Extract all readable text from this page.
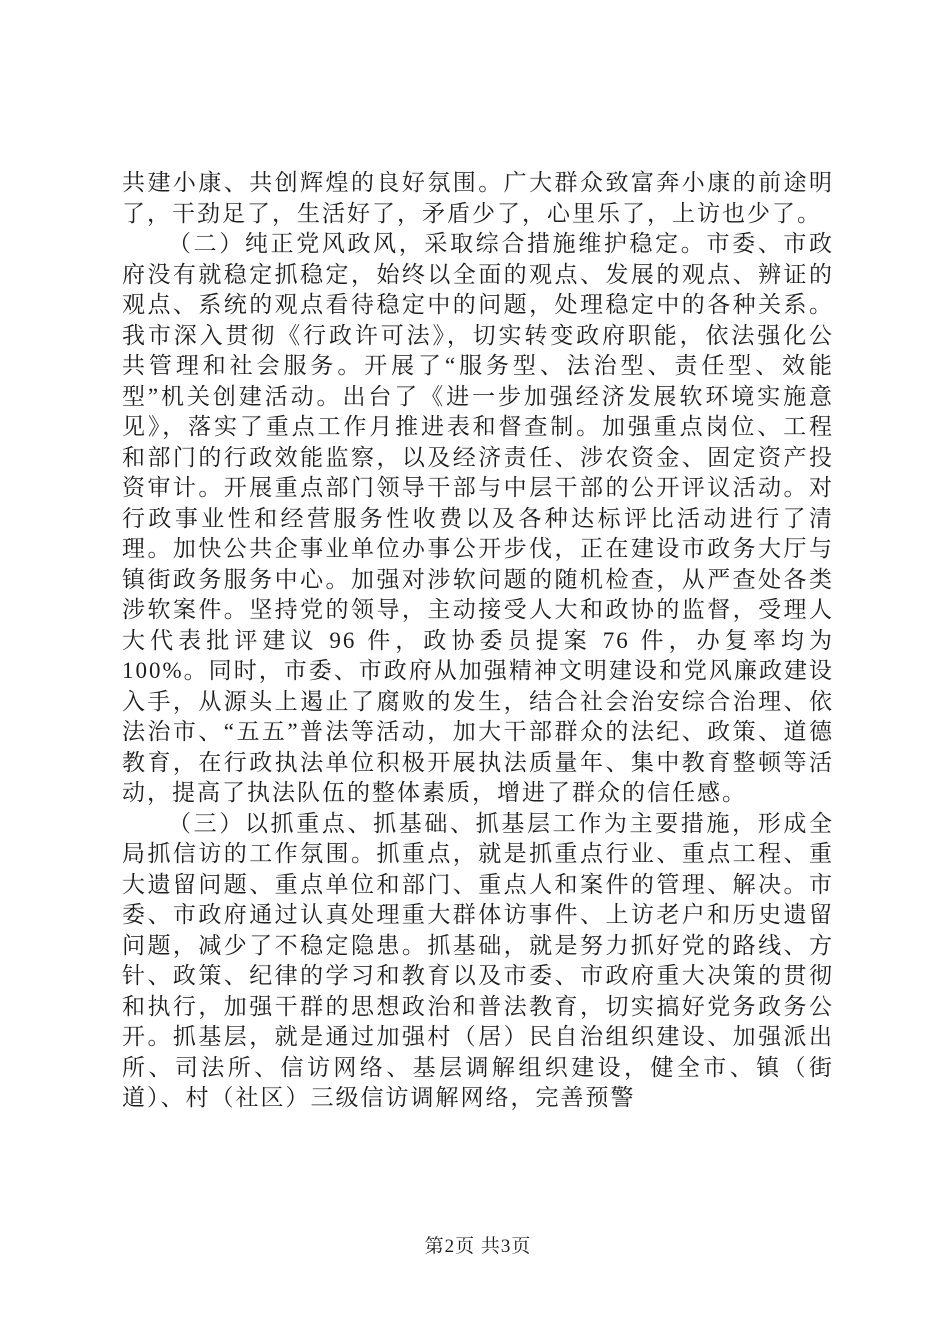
共建小康、共创辉煌的良好氛围。广大群众致富奔小康的前途明了，干劲足了，生活好了，矛盾少了，心里乐了，上访也少了。

（二）纯正党风政风，采取综合措施维护稳定。市委、市政府没有就稳定抓稳定，始终以全面的观点、发展的观点、辨证的观点、系统的观点看待稳定中的问题，处理稳定中的各种关系。我市深入贯彻《行政许可法》，切实转变政府职能，依法强化公共管理和社会服务。开展了“服务型、法治型、责任型、效能型”机关创建活动。出台了《进一步加强经济发展软环境实施意见》，落实了重点工作月推进表和督查制。加强重点岗位、工程和部门的行政效能监察，以及经济责任、涉农资金、固定资产投资审计。开展重点部门领导干部与中层干部的公开评议活动。对行政事业性和经营服务性收费以及各种达标评比活动进行了清理。加快公共企事业单位办事公开步伐，正在建设市政务大厅与镇街政务服务中心。加强对涉软问题的随机检查，从严查处各类涉软案件。坚持党的领导，主动接受人大和政协的监督，受理人大代表批评建议 96 件，政协委员提案 76 件，办复率均为 100%。同时，市委、市政府从加强精神文明建设和党风廉政建设入手，从源头上遏止了腐败的发生，结合社会治安综合治理、依法治市、“五五”普法等活动，加大干部群众的法纪、政策、道德教育，在行政执法单位积极开展执法质量年、集中教育整顿等活动，提高了执法队伍的整体素质，增进了群众的信任感。

（三）以抓重点、抓基础、抓基层工作为主要措施，形成全局抓信访的工作氛围。抓重点，就是抓重点行业、重点工程、重大遗留问题、重点单位和部门、重点人和案件的管理、解决。市委、市政府通过认真处理重大群体访事件、上访老户和历史遗留问题，减少了不稳定隐患。抓基础，就是努力抓好党的路线、方针、政策、纪律的学习和教育以及市委、市政府重大决策的贯彻和执行，加强干群的思想政治和普法教育，切实搞好党务政务公开。抓基层，就是通过加强村（居）民自治组织建设、加强派出所、司法所、信访网络、基层调解组织建设，健全市、镇（街道）、村（社区）三级信访调解网络，完善预警

第2页 共3页
